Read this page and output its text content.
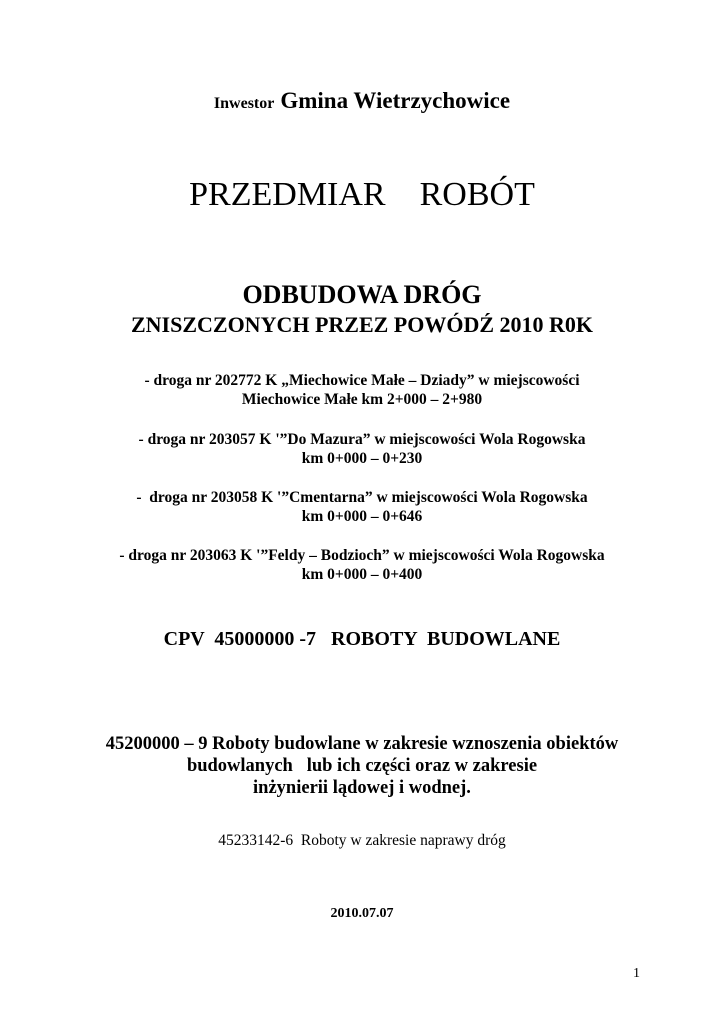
Inwestor Gmina Wietrzychowice
PRZEDMIAR    ROBÓT
ODBUDOWA DRÓG
ZNISZCZONYCH PRZEZ POWÓDŹ 2010 R0K
- droga nr 202772 K „Miechowice Małe – Dziady” w miejscowości
Miechowice Małe km 2+000 – 2+980
- droga nr 203057 K '”Do Mazura” w miejscowości Wola Rogowska
km 0+000 – 0+230
-  droga nr 203058 K '”Cmentarna” w miejscowości Wola Rogowska
km 0+000 – 0+646
- droga nr 203063 K '”Feldy – Bodzioch” w miejscowości Wola Rogowska
km 0+000 – 0+400
CPV  45000000 -7   ROBOTY  BUDOWLANE
45200000 – 9 Roboty budowlane w zakresie wznoszenia obiektów
budowlanych   lub ich części oraz w zakresie
inżynierii lądowej i wodnej.
45233142-6  Roboty w zakresie naprawy dróg
2010.07.07
1
